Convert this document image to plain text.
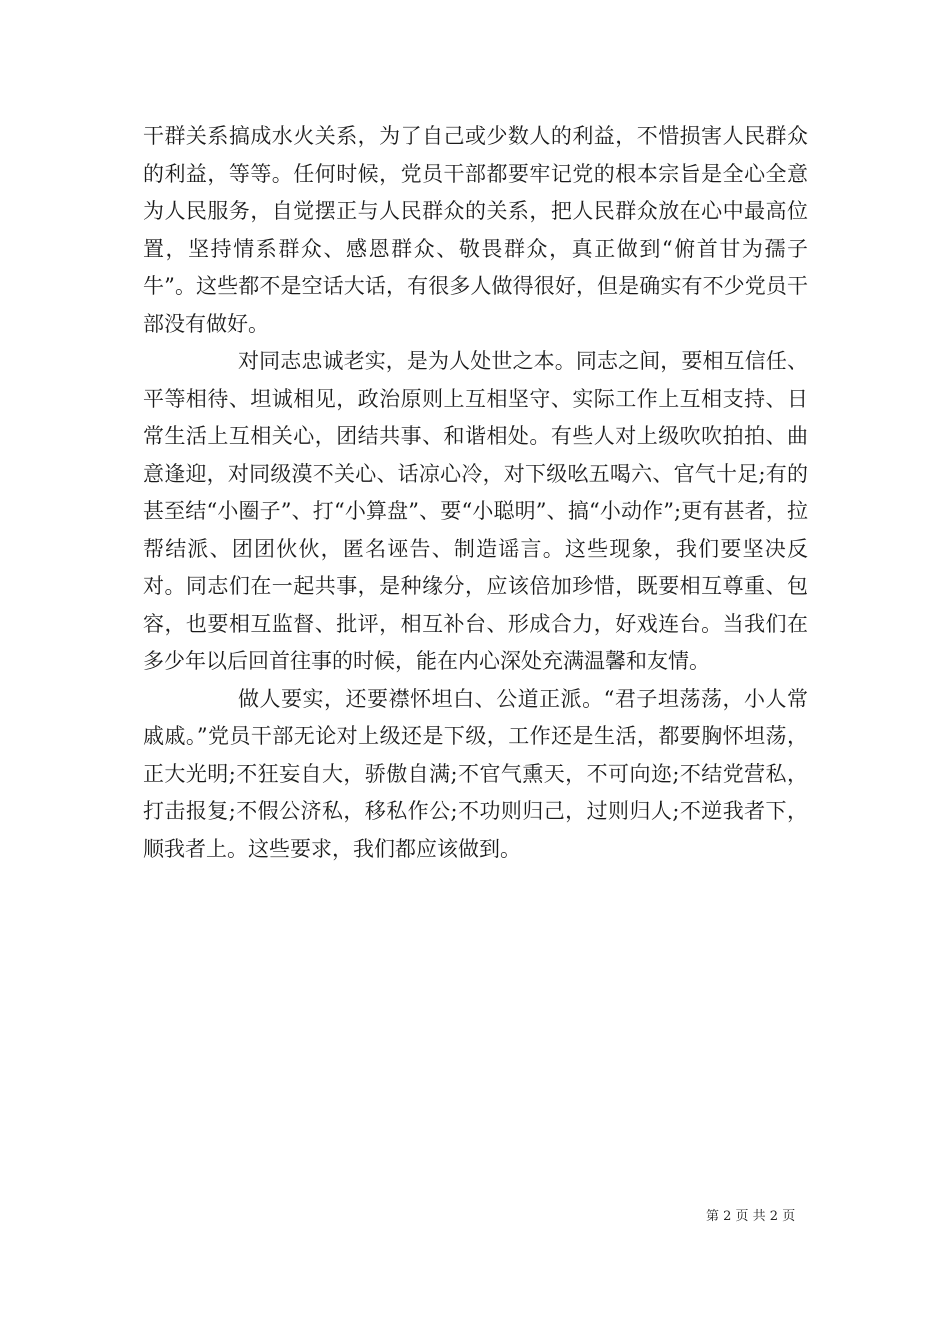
干群关系搞成水火关系，为了自己或少数人的利益，不惜损害人民群众的利益，等等。任何时候，党员干部都要牢记党的根本宗旨是全心全意为人民服务，自觉摆正与人民群众的关系，把人民群众放在心中最高位置，坚持情系群众、感恩群众、敬畏群众，真正做到“俯首甘为孺子牛”。这些都不是空话大话，有很多人做得很好，但是确实有不少党员干部没有做好。

对同志忠诚老实，是为人处世之本。同志之间，要相互信任、平等相待、坦诚相见，政治原则上互相坚守、实际工作上互相支持、日常生活上互相关心，团结共事、和谐相处。有些人对上级吹吹拍拍、曲意逢迎，对同级漠不关心、话凉心冷，对下级吆五喝六、官气十足;有的甚至结“小圈子”、打“小算盘”、要“小聪明”、搞“小动作”;更有甚者，拉帮结派、团团伙伙，匿名诬告、制造谣言。这些现象，我们要坚决反对。同志们在一起共事，是种缘分，应该倍加珍惜，既要相互尊重、包容，也要相互监督、批评，相互补台、形成合力，好戏连台。当我们在多少年以后回首往事的时候，能在内心深处充满温馨和友情。

做人要实，还要襟怀坦白、公道正派。“君子坦荡荡，小人常戚戚。”党员干部无论对上级还是下级，工作还是生活，都要胸怀坦荡，正大光明;不狂妄自大，骄傲自满;不官气熏天，不可向迩;不结党营私，打击报复;不假公济私，移私作公;不功则归己，过则归人;不逆我者下，顺我者上。这些要求，我们都应该做到。

第 2 页 共 2 页
